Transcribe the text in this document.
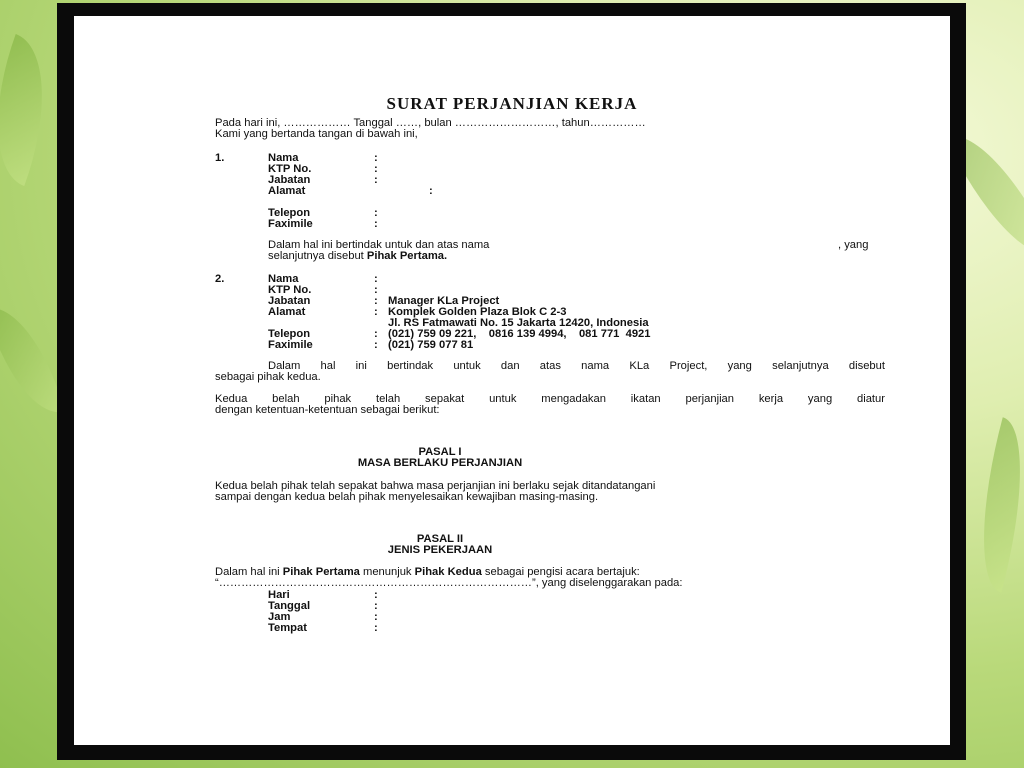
SURAT PERJANJIAN KERJA
Pada hari ini, ……………… Tanggal ……, bulan ………………………, tahun……………
Kami yang bertanda tangan di bawah ini,
1.	Nama	:
KTP No.	:
Jabatan	:
Alamat	:
Telepon	:
Faximile	:
Dalam hal ini bertindak untuk dan atas nama	, yang
selanjutnya disebut Pihak Pertama.
2.	Nama	:
KTP No.	:
Jabatan	: Manager KLa Project
Alamat	: Komplek Golden Plaza Blok C 2-3
Jl. RS Fatmawati No. 15 Jakarta 12420, Indonesia
Telepon	: (021) 759 09 221,    0816 139 4994,    081 771  4921
Faximile	: (021) 759 077 81
Dalam hal ini bertindak untuk dan atas nama KLa Project, yang selanjutnya disebut
sebagai pihak kedua.
Kedua belah pihak telah sepakat untuk mengadakan ikatan perjanjian kerja yang diatur
dengan ketentuan-ketentuan sebagai berikut:
PASAL I
MASA BERLAKU PERJANJIAN
Kedua belah pihak telah sepakat bahwa masa perjanjian ini berlaku sejak ditandatangani
sampai dengan kedua belah pihak menyelesaikan kewajiban masing-masing.
PASAL II
JENIS PEKERJAAN
Dalam hal ini Pihak Pertama menunjuk Pihak Kedua sebagai pengisi acara bertajuk:
“…………………………………………………………………………”, yang diselenggarakan pada:
Hari	:
Tanggal	:
Jam	:
Tempat	:
